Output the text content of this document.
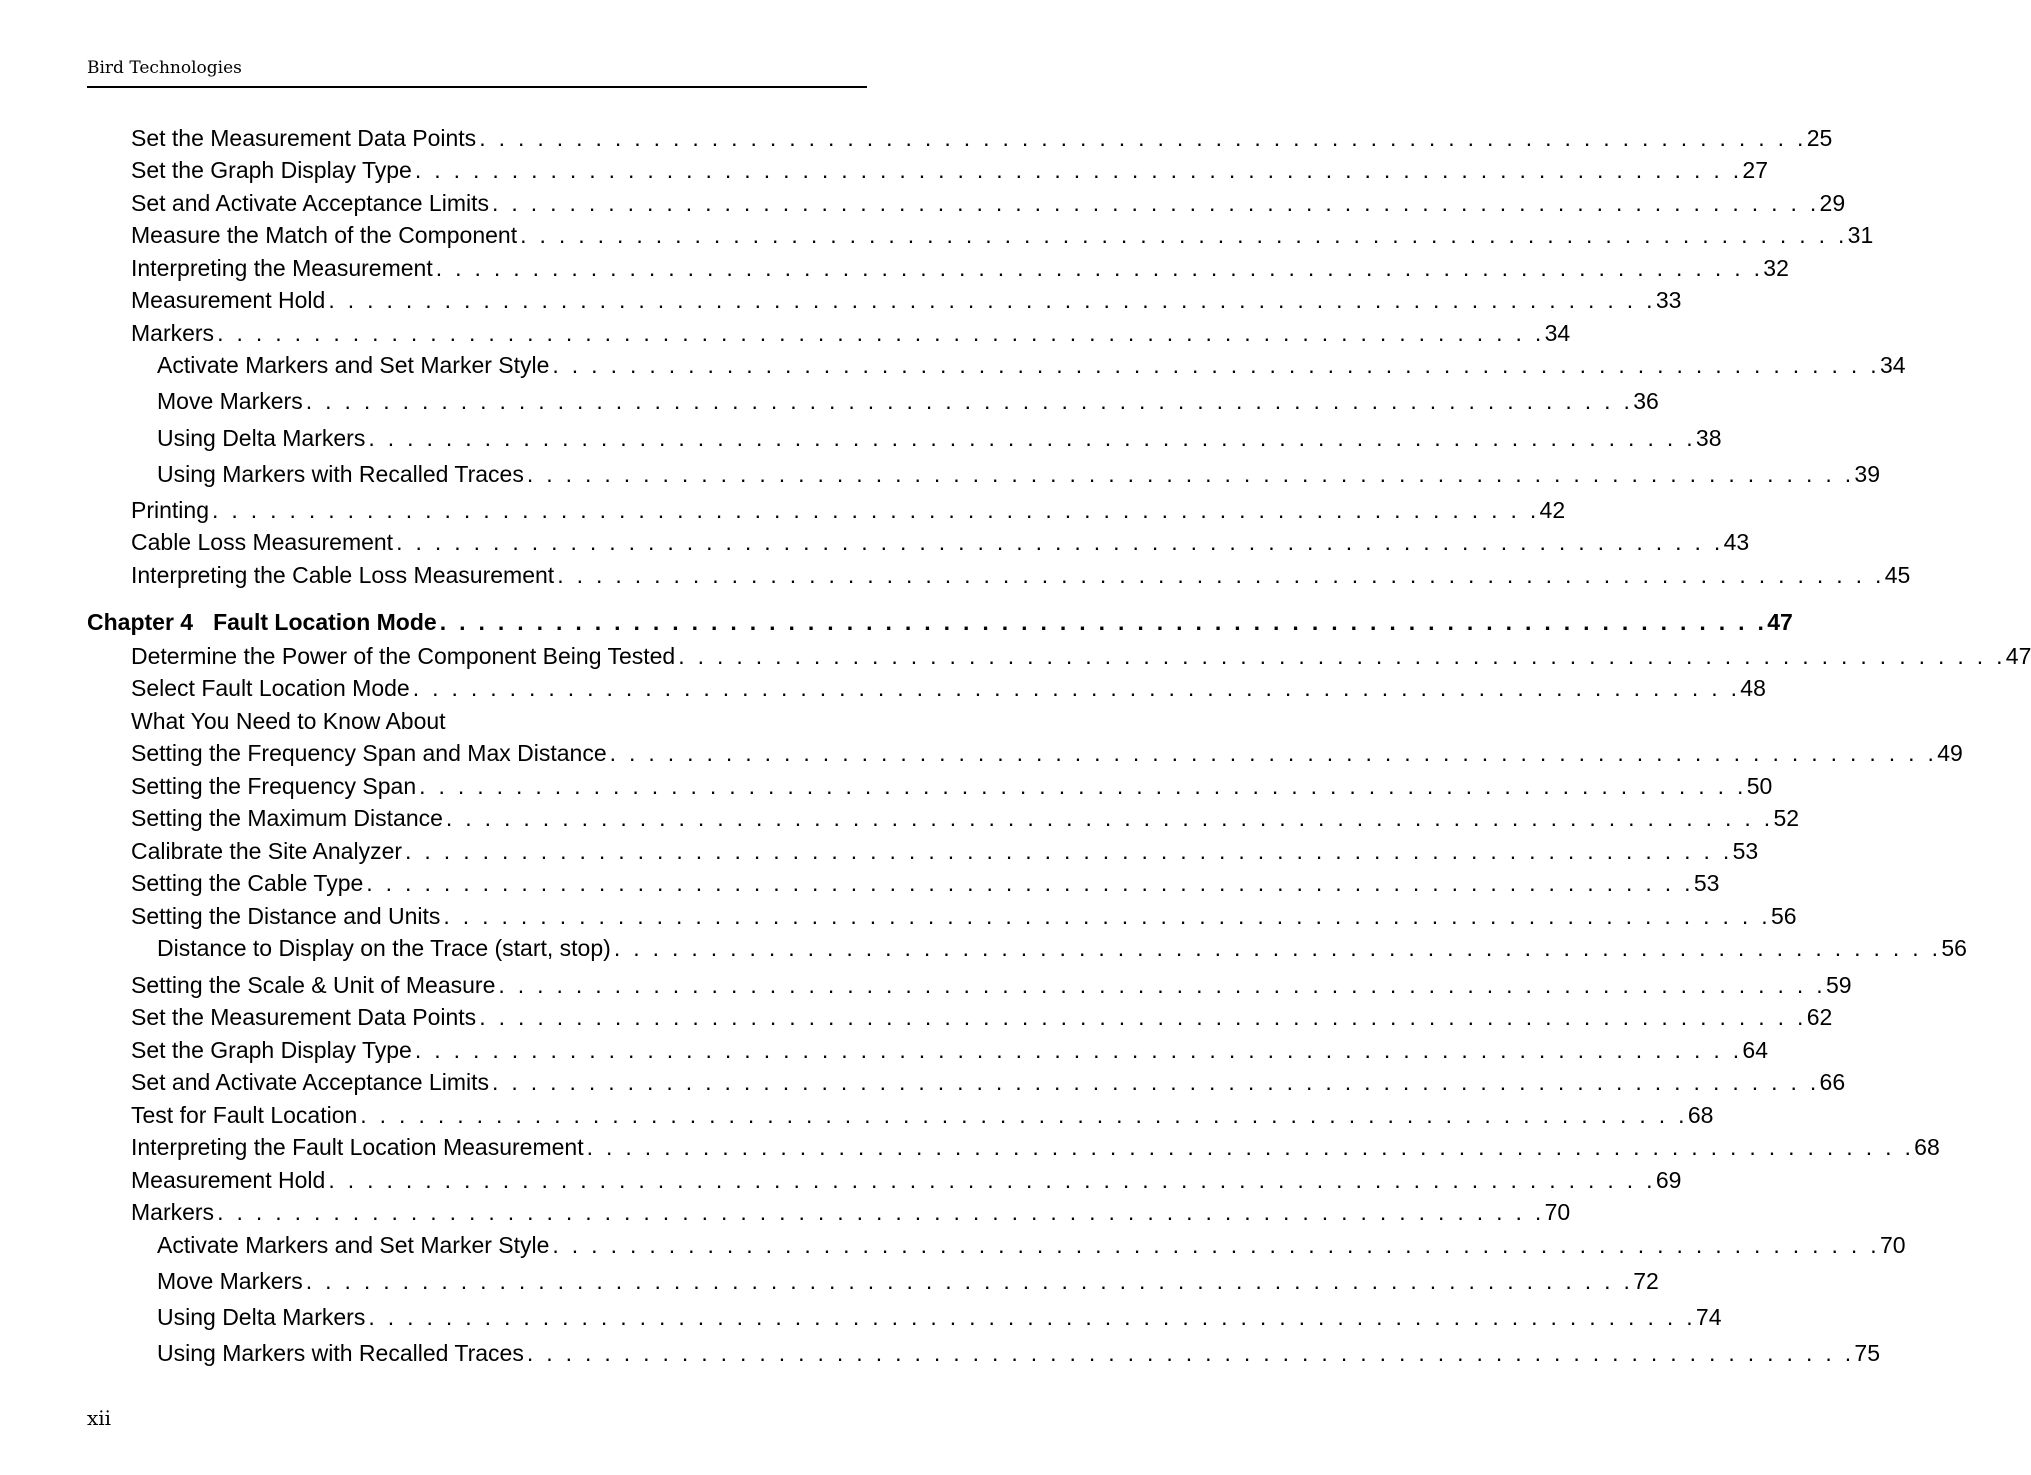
Bird Technologies
Set the Measurement Data Points . . . . . . . . . . . . . . . . . . . . . . . . . . . . . . . . . . . . . . . . . . . . . . . . . . . . . . . . . . . . . . . . . . . . . 25
Set the Graph Display Type . . . . . . . . . . . . . . . . . . . . . . . . . . . . . . . . . . . . . . . . . . . . . . . . . . . . . . . . . . . . . . . . . . . . . 27
Set and Activate Acceptance Limits . . . . . . . . . . . . . . . . . . . . . . . . . . . . . . . . . . . . . . . . . . . . . . . . . . . . . . . . . . . . . . . . . . . . . 29
Measure the Match of the Component . . . . . . . . . . . . . . . . . . . . . . . . . . . . . . . . . . . . . . . . . . . . . . . . . . . . . . . . . . . . . . . . . . . . . 31
Interpreting the Measurement . . . . . . . . . . . . . . . . . . . . . . . . . . . . . . . . . . . . . . . . . . . . . . . . . . . . . . . . . . . . . . . . . . . . . 32
Measurement Hold . . . . . . . . . . . . . . . . . . . . . . . . . . . . . . . . . . . . . . . . . . . . . . . . . . . . . . . . . . . . . . . . . . . . . 33
Markers . . . . . . . . . . . . . . . . . . . . . . . . . . . . . . . . . . . . . . . . . . . . . . . . . . . . . . . . . . . . . . . . . . . . . 34
Activate Markers and Set Marker Style . . . . . . . . . . . . . . . . . . . . . . . . . . . . . . . . . . . . . . . . . . . . . . . . . . . . . . . . . . . . . . . . . . . . . 34
Move Markers . . . . . . . . . . . . . . . . . . . . . . . . . . . . . . . . . . . . . . . . . . . . . . . . . . . . . . . . . . . . . . . . . . . . . 36
Using Delta Markers . . . . . . . . . . . . . . . . . . . . . . . . . . . . . . . . . . . . . . . . . . . . . . . . . . . . . . . . . . . . . . . . . . . . . 38
Using Markers with Recalled Traces . . . . . . . . . . . . . . . . . . . . . . . . . . . . . . . . . . . . . . . . . . . . . . . . . . . . . . . . . . . . . . . . . . . . . 39
Printing . . . . . . . . . . . . . . . . . . . . . . . . . . . . . . . . . . . . . . . . . . . . . . . . . . . . . . . . . . . . . . . . . . . . . 42
Cable Loss Measurement . . . . . . . . . . . . . . . . . . . . . . . . . . . . . . . . . . . . . . . . . . . . . . . . . . . . . . . . . . . . . . . . . . . . . 43
Interpreting the Cable Loss Measurement . . . . . . . . . . . . . . . . . . . . . . . . . . . . . . . . . . . . . . . . . . . . . . . . . . . . . . . . . . . . . . . . . . . . . 45
Chapter 4 Fault Location Mode . . . . . . . . . . . . . . . . . . . . . . . . . . . . . . . . . . . . . . . . . . . . . . . . . . . . . . . . . . . . . . . . . . . . . 47
Determine the Power of the Component Being Tested . . . . . . . . . . . . . . . . . . . . . . . . . . . . . . . . . . . . . . . . . . . . . . . . . . . . . . . . . . . . . . . . . . . . . 47
Select Fault Location Mode . . . . . . . . . . . . . . . . . . . . . . . . . . . . . . . . . . . . . . . . . . . . . . . . . . . . . . . . . . . . . . . . . . . . . 48
What You Need to Know About
Setting the Frequency Span and Max Distance . . . . . . . . . . . . . . . . . . . . . . . . . . . . . . . . . . . . . . . . . . . . . . . . . . . . . . . . . . . . . . . . . . . . . 49
Setting the Frequency Span . . . . . . . . . . . . . . . . . . . . . . . . . . . . . . . . . . . . . . . . . . . . . . . . . . . . . . . . . . . . . . . . . . . . . 50
Setting the Maximum Distance . . . . . . . . . . . . . . . . . . . . . . . . . . . . . . . . . . . . . . . . . . . . . . . . . . . . . . . . . . . . . . . . . . . . . 52
Calibrate the Site Analyzer . . . . . . . . . . . . . . . . . . . . . . . . . . . . . . . . . . . . . . . . . . . . . . . . . . . . . . . . . . . . . . . . . . . . . 53
Setting the Cable Type . . . . . . . . . . . . . . . . . . . . . . . . . . . . . . . . . . . . . . . . . . . . . . . . . . . . . . . . . . . . . . . . . . . . . 53
Setting the Distance and Units . . . . . . . . . . . . . . . . . . . . . . . . . . . . . . . . . . . . . . . . . . . . . . . . . . . . . . . . . . . . . . . . . . . . . 56
Distance to Display on the Trace (start, stop) . . . . . . . . . . . . . . . . . . . . . . . . . . . . . . . . . . . . . . . . . . . . . . . . . . . . . . . . . . . . . . . . . . . . . 56
Setting the Scale & Unit of Measure . . . . . . . . . . . . . . . . . . . . . . . . . . . . . . . . . . . . . . . . . . . . . . . . . . . . . . . . . . . . . . . . . . . . . 59
Set the Measurement Data Points . . . . . . . . . . . . . . . . . . . . . . . . . . . . . . . . . . . . . . . . . . . . . . . . . . . . . . . . . . . . . . . . . . . . . 62
Set the Graph Display Type . . . . . . . . . . . . . . . . . . . . . . . . . . . . . . . . . . . . . . . . . . . . . . . . . . . . . . . . . . . . . . . . . . . . . 64
Set and Activate Acceptance Limits . . . . . . . . . . . . . . . . . . . . . . . . . . . . . . . . . . . . . . . . . . . . . . . . . . . . . . . . . . . . . . . . . . . . . 66
Test for Fault Location . . . . . . . . . . . . . . . . . . . . . . . . . . . . . . . . . . . . . . . . . . . . . . . . . . . . . . . . . . . . . . . . . . . . . 68
Interpreting the Fault Location Measurement . . . . . . . . . . . . . . . . . . . . . . . . . . . . . . . . . . . . . . . . . . . . . . . . . . . . . . . . . . . . . . . . . . . . . 68
Measurement Hold . . . . . . . . . . . . . . . . . . . . . . . . . . . . . . . . . . . . . . . . . . . . . . . . . . . . . . . . . . . . . . . . . . . . . 69
Markers . . . . . . . . . . . . . . . . . . . . . . . . . . . . . . . . . . . . . . . . . . . . . . . . . . . . . . . . . . . . . . . . . . . . . 70
Activate Markers and Set Marker Style . . . . . . . . . . . . . . . . . . . . . . . . . . . . . . . . . . . . . . . . . . . . . . . . . . . . . . . . . . . . . . . . . . . . . 70
Move Markers . . . . . . . . . . . . . . . . . . . . . . . . . . . . . . . . . . . . . . . . . . . . . . . . . . . . . . . . . . . . . . . . . . . . . 72
Using Delta Markers . . . . . . . . . . . . . . . . . . . . . . . . . . . . . . . . . . . . . . . . . . . . . . . . . . . . . . . . . . . . . . . . . . . . . 74
Using Markers with Recalled Traces . . . . . . . . . . . . . . . . . . . . . . . . . . . . . . . . . . . . . . . . . . . . . . . . . . . . . . . . . . . . . . . . . . . . . 75
xii
